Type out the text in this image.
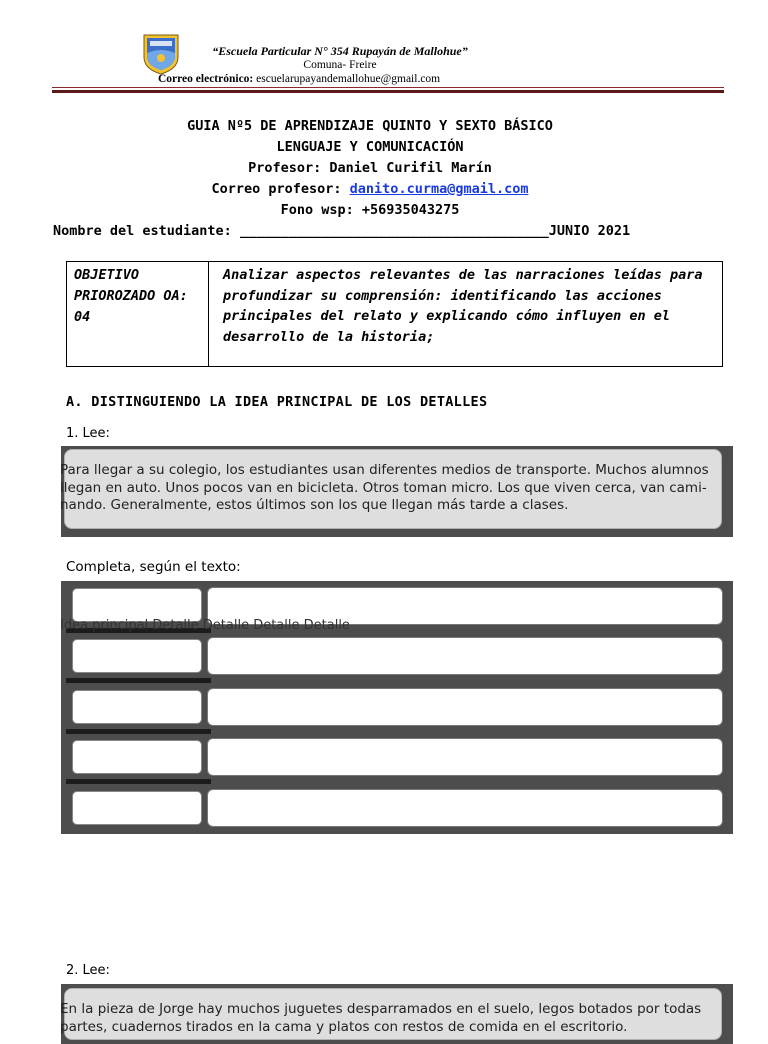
“Escuela Particular N° 354 Rupayán de Mallohue”
Comuna- Freire
Correo electrónico: escuelarupayandemallohue@gmail.com
GUIA Nº5 DE APRENDIZAJE QUINTO Y SEXTO BÁSICO
LENGUAJE Y COMUNICACIÓN
Profesor: Daniel Curifil Marín
Correo profesor: danito.curma@gmail.com
Fono wsp: +56935043275
Nombre del estudiante: ______________________________________JUNIO 2021
OBJETIVO PRIOROZADO OA: 04
Analizar aspectos relevantes de las narraciones leídas para profundizar su comprensión: identificando las acciones principales del relato y explicando cómo influyen en el desarrollo de la historia;
A. DISTINGUIENDO LA IDEA PRINCIPAL DE LOS DETALLES
1. Lee:
Para llegar a su colegio, los estudiantes usan diferentes medios de transporte. Muchos alumnos llegan en auto. Unos pocos van en bicicleta. Otros toman micro. Los que viven cerca, van cami- nando. Generalmente, estos últimos son los que llegan más tarde a clases.
Completa, según el texto:
Idea principal Detalle Detalle Detalle Detalle
2. Lee:
En la pieza de Jorge hay muchos juguetes desparramados en el suelo, legos botados por todas partes, cuadernos tirados en la cama y platos con restos de comida en el escritorio.
